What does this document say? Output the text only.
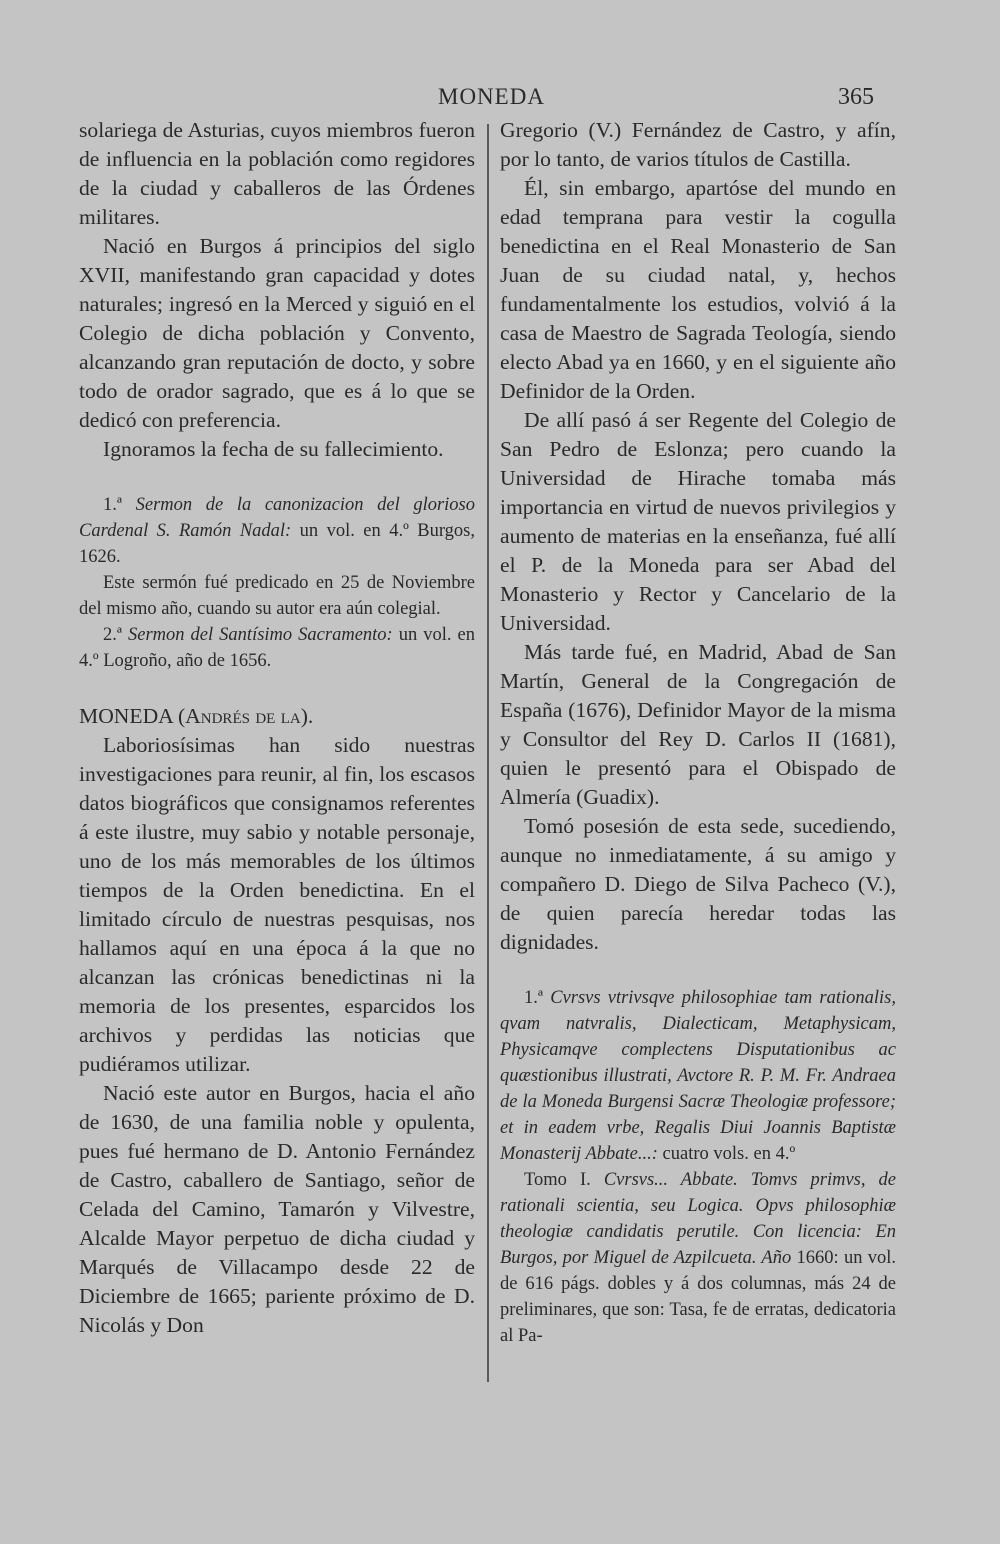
MONEDA	365

solariega de Asturias, cuyos miembros fueron de influencia en la población como regidores de la ciudad y caballeros de las Órdenes militares.

Nació en Burgos á principios del siglo XVII, manifestando gran capacidad y dotes naturales; ingresó en la Merced y siguió en el Colegio de dicha población y Convento, alcanzando gran reputación de docto, y sobre todo de orador sagrado, que es á lo que se dedicó con preferencia.

Ignoramos la fecha de su fallecimiento.

1.ª Sermon de la canonizacion del glorioso Cardenal S. Ramón Nadal: un vol. en 4.º Burgos, 1626.

Este sermón fué predicado en 25 de Noviembre del mismo año, cuando su autor era aún colegial.

2.ª Sermon del Santísimo Sacramento: un vol. en 4.º Logroño, año de 1656.

MONEDA (Andrés de la).

Laboriosísimas han sido nuestras investigaciones para reunir, al fin, los escasos datos biográficos que consignamos referentes á este ilustre, muy sabio y notable personaje, uno de los más memorables de los últimos tiempos de la Orden benedictina. En el limitado círculo de nuestras pesquisas, nos hallamos aquí en una época á la que no alcanzan las crónicas benedictinas ni la memoria de los presentes, esparcidos los archivos y perdidas las noticias que pudiéramos utilizar.

Nació este autor en Burgos, hacia el año de 1630, de una familia noble y opulenta, pues fué hermano de D. Antonio Fernández de Castro, caballero de Santiago, señor de Celada del Camino, Tamarón y Vilvestre, Alcalde Mayor perpetuo de dicha ciudad y Marqués de Villacampo desde 22 de Diciembre de 1665; pariente próximo de D. Nicolás y Don

Gregorio (V.) Fernández de Castro, y afín, por lo tanto, de varios títulos de Castilla.

Él, sin embargo, apartóse del mundo en edad temprana para vestir la cogulla benedictina en el Real Monasterio de San Juan de su ciudad natal, y, hechos fundamentalmente los estudios, volvió á la casa de Maestro de Sagrada Teología, siendo electo Abad ya en 1660, y en el siguiente año Definidor de la Orden.

De allí pasó á ser Regente del Colegio de San Pedro de Eslonza; pero cuando la Universidad de Hirache tomaba más importancia en virtud de nuevos privilegios y aumento de materias en la enseñanza, fué allí el P. de la Moneda para ser Abad del Monasterio y Rector y Cancelario de la Universidad.

Más tarde fué, en Madrid, Abad de San Martín, General de la Congregación de España (1676), Definidor Mayor de la misma y Consultor del Rey D. Carlos II (1681), quien le presentó para el Obispado de Almería (Guadix).

Tomó posesión de esta sede, sucediendo, aunque no inmediatamente, á su amigo y compañero D. Diego de Silva Pacheco (V.), de quien parecía heredar todas las dignidades.

1.ª Cvrsvs vtrivsqve philosophiae tam rationalis, qvam natvralis, Dialecticam, Metaphysicam, Physicamqve complectens Disputationibus ac quæstionibus illustrati, Avctore R. P. M. Fr. Andraea de la Moneda Burgensi Sacræ Theologiæ professore; et in eadem vrbe, Regalis Diui Joannis Baptistæ Monasterij Abbate...: cuatro vols. en 4.º

Tomo I. Cvrsvs... Abbate. Tomvs primvs, de rationali scientia, seu Logica. Opvs philosophiæ theologiæ candidatis perutile. Con licencia: En Burgos, por Miguel de Azpilcueta. Año 1660: un vol. de 616 págs. dobles y á dos columnas, más 24 de preliminares, que son: Tasa, fe de erratas, dedicatoria al Pa-
